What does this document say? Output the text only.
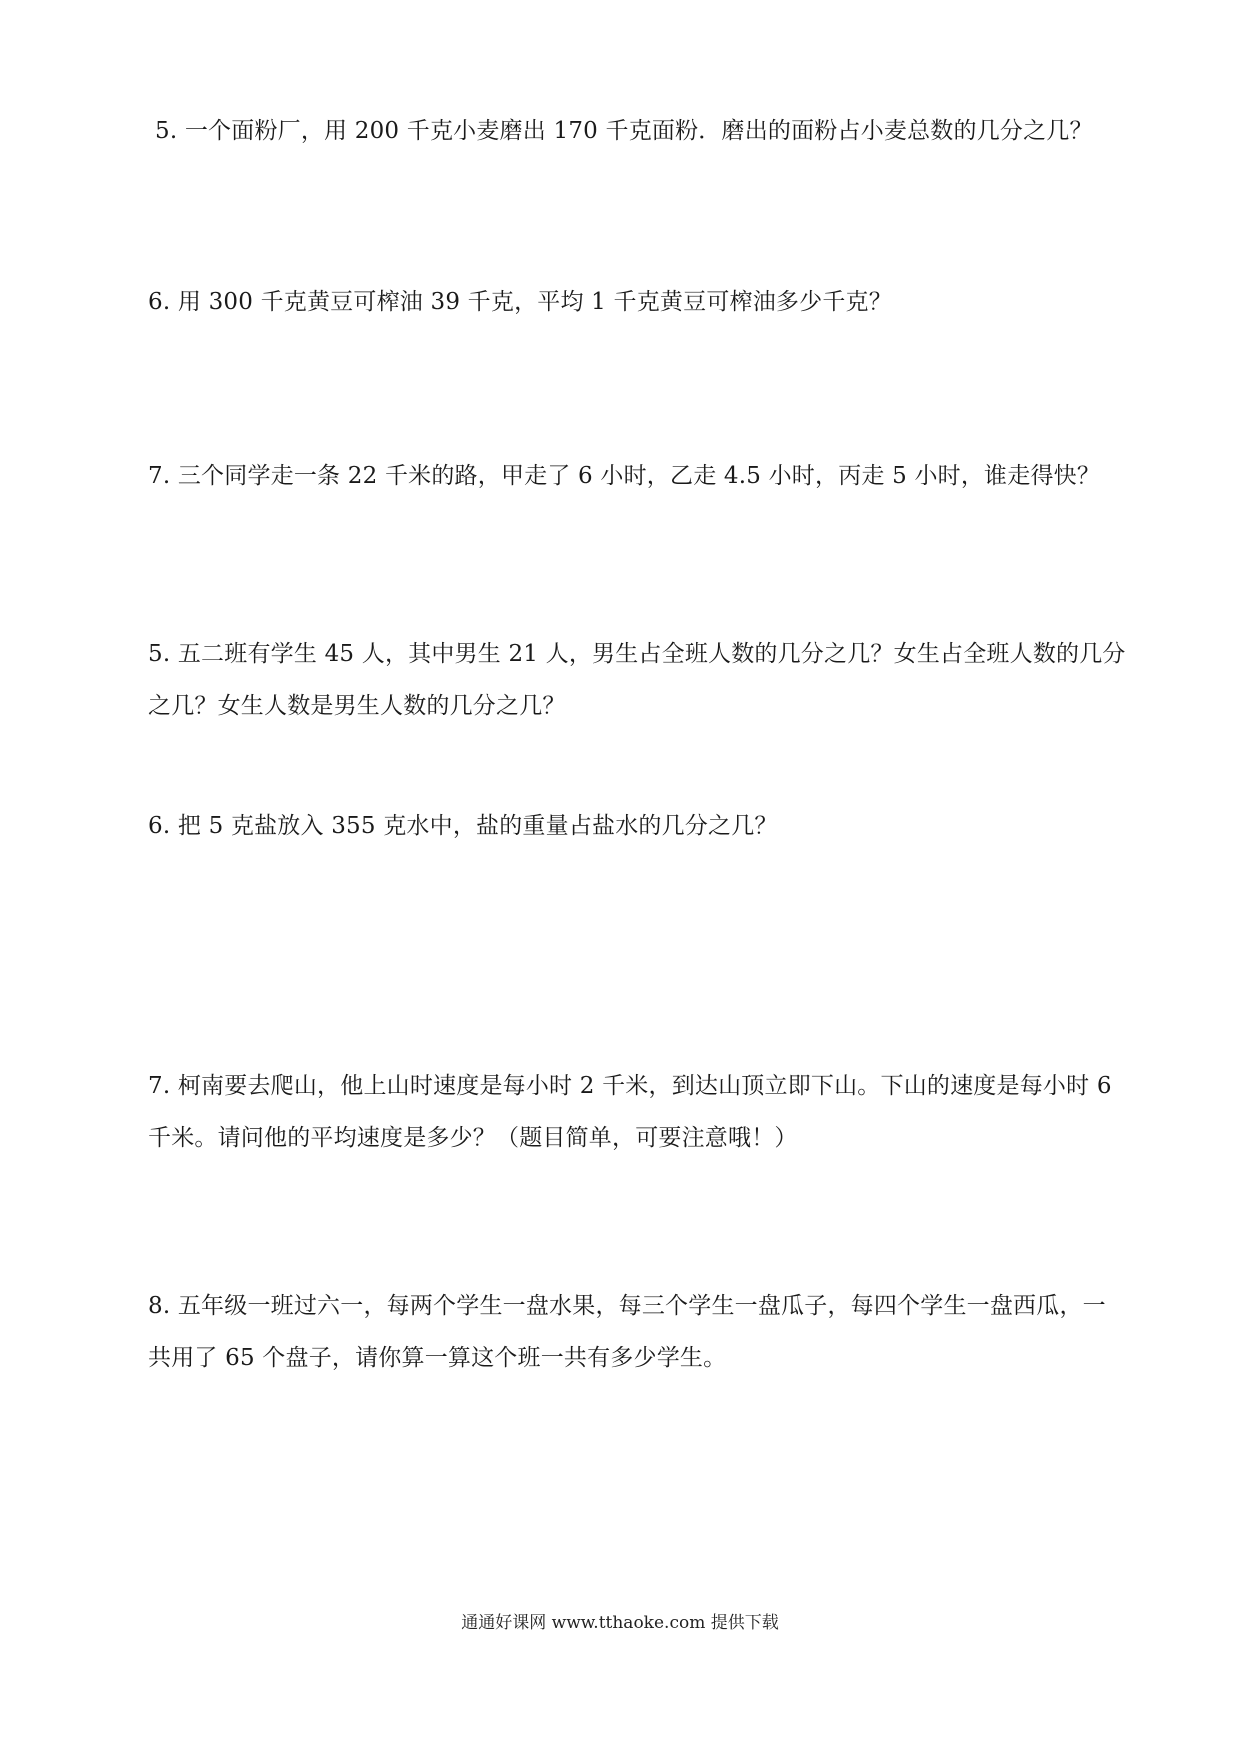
5. 一个面粉厂，用 200 千克小麦磨出 170 千克面粉．磨出的面粉占小麦总数的几分之几？

6. 用 300 千克黄豆可榨油 39 千克，平均 1 千克黄豆可榨油多少千克？

7. 三个同学走一条 22 千米的路，甲走了 6 小时，乙走 4.5 小时，丙走 5 小时，谁走得快？

5. 五二班有学生 45 人，其中男生 21 人，男生占全班人数的几分之几？女生占全班人数的几分之几？女生人数是男生人数的几分之几？

6. 把 5 克盐放入 355 克水中，盐的重量占盐水的几分之几？

7. 柯南要去爬山，他上山时速度是每小时 2 千米，到达山顶立即下山。下山的速度是每小时 6 千米。请问他的平均速度是多少？（题目简单，可要注意哦！）

8. 五年级一班过六一，每两个学生一盘水果，每三个学生一盘瓜子，每四个学生一盘西瓜，一共用了 65 个盘子，请你算一算这个班一共有多少学生。

通通好课网 www.tthaoke.com 提供下载
